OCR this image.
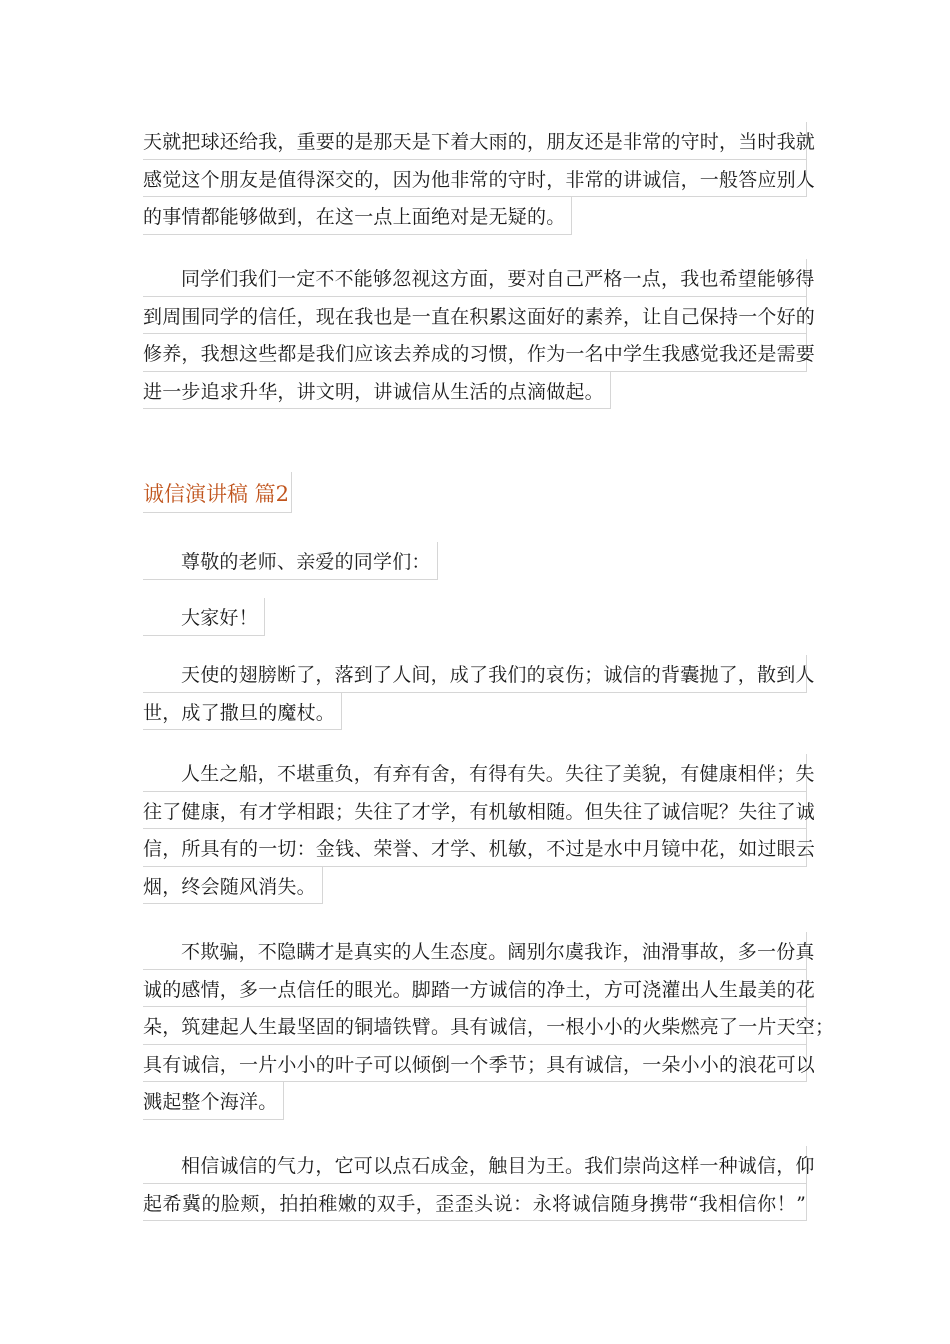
天就把球还给我，重要的是那天是下着大雨的，朋友还是非常的守时，当时我就
感觉这个朋友是值得深交的，因为他非常的守时，非常的讲诚信，一般答应别人
的事情都能够做到，在这一点上面绝对是无疑的。
同学们我们一定不不能够忽视这方面，要对自己严格一点，我也希望能够得
到周围同学的信任，现在我也是一直在积累这面好的素养，让自己保持一个好的
修养，我想这些都是我们应该去养成的习惯，作为一名中学生我感觉我还是需要
进一步追求升华，讲文明，讲诚信从生活的点滴做起。
诚信演讲稿 篇2
尊敬的老师、亲爱的同学们：
大家好！
天使的翅膀断了，落到了人间，成了我们的哀伤；诚信的背囊抛了，散到人
世，成了撒旦的魔杖。
人生之船，不堪重负，有弃有舍，有得有失。失往了美貌，有健康相伴；失
往了健康，有才学相跟；失往了才学，有机敏相随。但失往了诚信呢？失往了诚
信，所具有的一切：金钱、荣誉、才学、机敏，不过是水中月镜中花，如过眼云
烟，终会随风消失。
不欺骗，不隐瞒才是真实的人生态度。阔别尔虞我诈，油滑事故，多一份真
诚的感情，多一点信任的眼光。脚踏一方诚信的净土，方可浇灌出人生最美的花
朵，筑建起人生最坚固的铜墙铁臂。具有诚信，一根小小的火柴燃亮了一片天空；
具有诚信，一片小小的叶子可以倾倒一个季节；具有诚信，一朵小小的浪花可以
溅起整个海洋。
相信诚信的气力，它可以点石成金，触目为王。我们崇尚这样一种诚信，仰
起希冀的脸颊，拍拍稚嫩的双手，歪歪头说：永将诚信随身携带“我相信你！”
